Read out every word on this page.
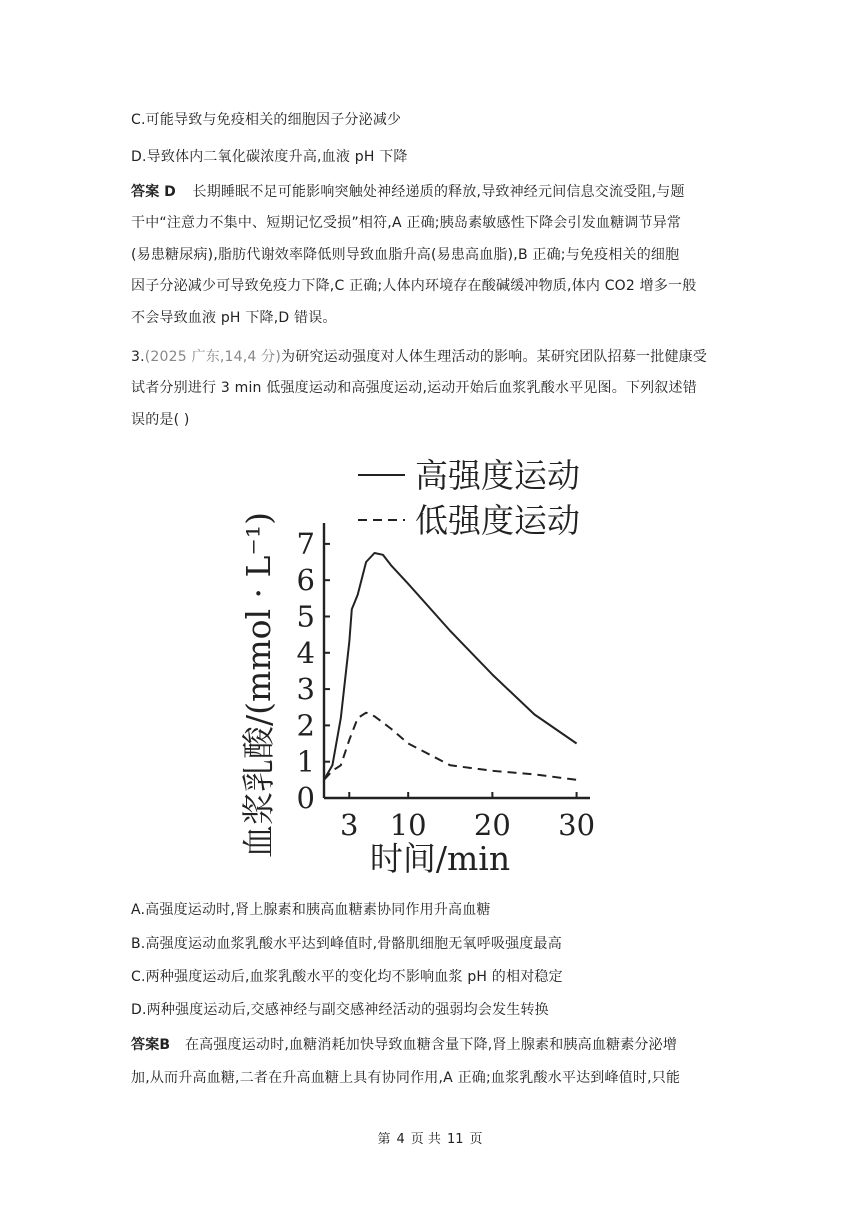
C.可能导致与免疫相关的细胞因子分泌减少
D.导致体内二氧化碳浓度升高,血液 pH 下降
答案 D 长期睡眠不足可能影响突触处神经递质的释放,导致神经元间信息交流受阻,与题
干中“注意力不集中、短期记忆受损”相符,A 正确;胰岛素敏感性下降会引发血糖调节异常
(易患糖尿病),脂肪代谢效率降低则导致血脂升高(易患高血脂),B 正确;与免疫相关的细胞
因子分泌减少可导致免疫力下降,C 正确;人体内环境存在酸碱缓冲物质,体内 CO2 增多一般
不会导致血液 pH 下降,D 错误。
3.(2025 广东,14,4 分)为研究运动强度对人体生理活动的影响。某研究团队招募一批健康受
试者分别进行 3 min 低强度运动和高强度运动,运动开始后血浆乳酸水平见图。下列叙述错
误的是( )
高强度运动
低强度运动
0
1
2
3
4
5
6
7
3 10 20 30
血浆乳酸/(mmol · L⁻¹)
时间/min
A.高强度运动时,肾上腺素和胰高血糖素协同作用升高血糖
B.高强度运动血浆乳酸水平达到峰值时,骨骼肌细胞无氧呼吸强度最高
C.两种强度运动后,血浆乳酸水平的变化均不影响血浆 pH 的相对稳定
D.两种强度运动后,交感神经与副交感神经活动的强弱均会发生转换
答案B 在高强度运动时,血糖消耗加快导致血糖含量下降,肾上腺素和胰高血糖素分泌增
加,从而升高血糖,二者在升高血糖上具有协同作用,A 正确;血浆乳酸水平达到峰值时,只能
第 4 页 共 11 页
